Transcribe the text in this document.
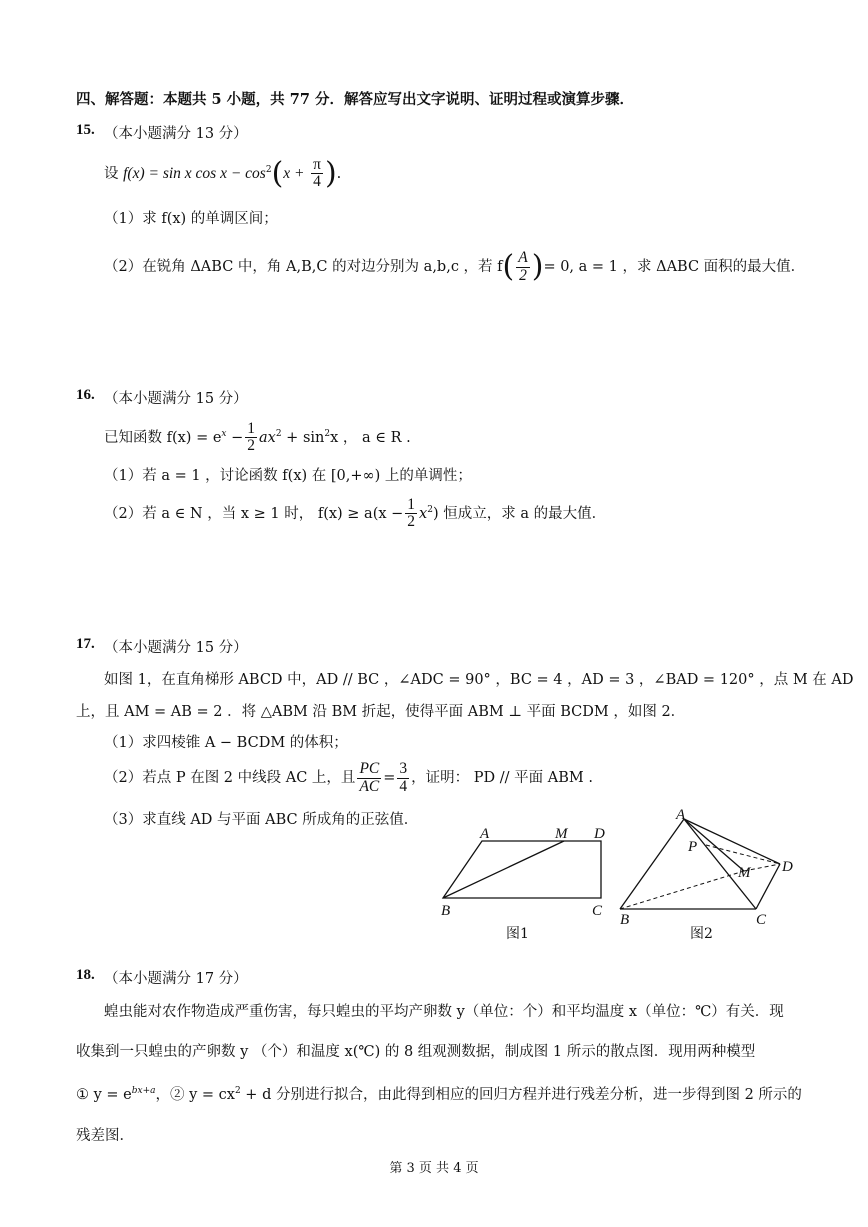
四、解答题：本题共 5 小题，共 77 分．解答应写出文字说明、证明过程或演算步骤．
15. （本小题满分 13 分）
设 f(x) = sin x $\cos x - \cos^2(x + \frac{\pi}{4}$ ).
（1）求 f(x) 的单调区间；
（2）在锐角 ΔABC 中，角 A,B,C 的对边分别为 a,b,c ，若 $f( \frac{A}{2}$ )= 0, a = 1 ，求 ΔABC 面积的最大值．
16. （本小题满分 15 分）
已知函数 $f(x) = e^x - \frac{1}{2} ax^2 + \sin^2x$ ， a ∈ R .
（1）若 a = 1 ，讨论函数 f(x) 在 [0,+∞) 上的单调性；
（2）若 a ∈ N ，当 x ≥ 1 时， $f(x) \ge a(x - \frac{1}{2} x^2)$ 恒成立，求 a 的最大值．
17. （本小题满分 15 分）
如图 1，在直角梯形 ABCD 中，AD // BC ，∠ADC = 90° ，BC = 4 ，AD = 3 ，∠BAD = 120° ，点 M 在 AD
上，且 AM = AB = 2 ．将 △ABM 沿 BM 折起，使得平面 ABM ⊥ 平面 BCDM ，如图 2．
（1）求四棱锥 A − BCDM 的体积；
（2）若点 P 在图 2 中线段 AC 上，且 $\frac{PC}{AC} = \frac{3}{4}$ ，证明： PD // 平面 ABM .
（3）求直线 AD 与平面 ABC 所成角的正弦值．
A	M D
B	C
图1
A
P
M D
B	C
图2
18. （本小题满分 17 分）
蝗虫能对农作物造成严重伤害，每只蝗虫的平均产卵数 y（单位：个）和平均温度 x（单位：℃）有关．现
收集到一只蝗虫的产卵数 y （个）和温度 x(℃) 的 8 组观测数据，制成图 1 所示的散点图．现用两种模型
① $y = e^{bx+a}$，② $y = cx^2 + d$ 分别进行拟合，由此得到相应的回归方程并进行残差分析，进一步得到图 2 所示的
残差图．
第 3 页 共 4 页
